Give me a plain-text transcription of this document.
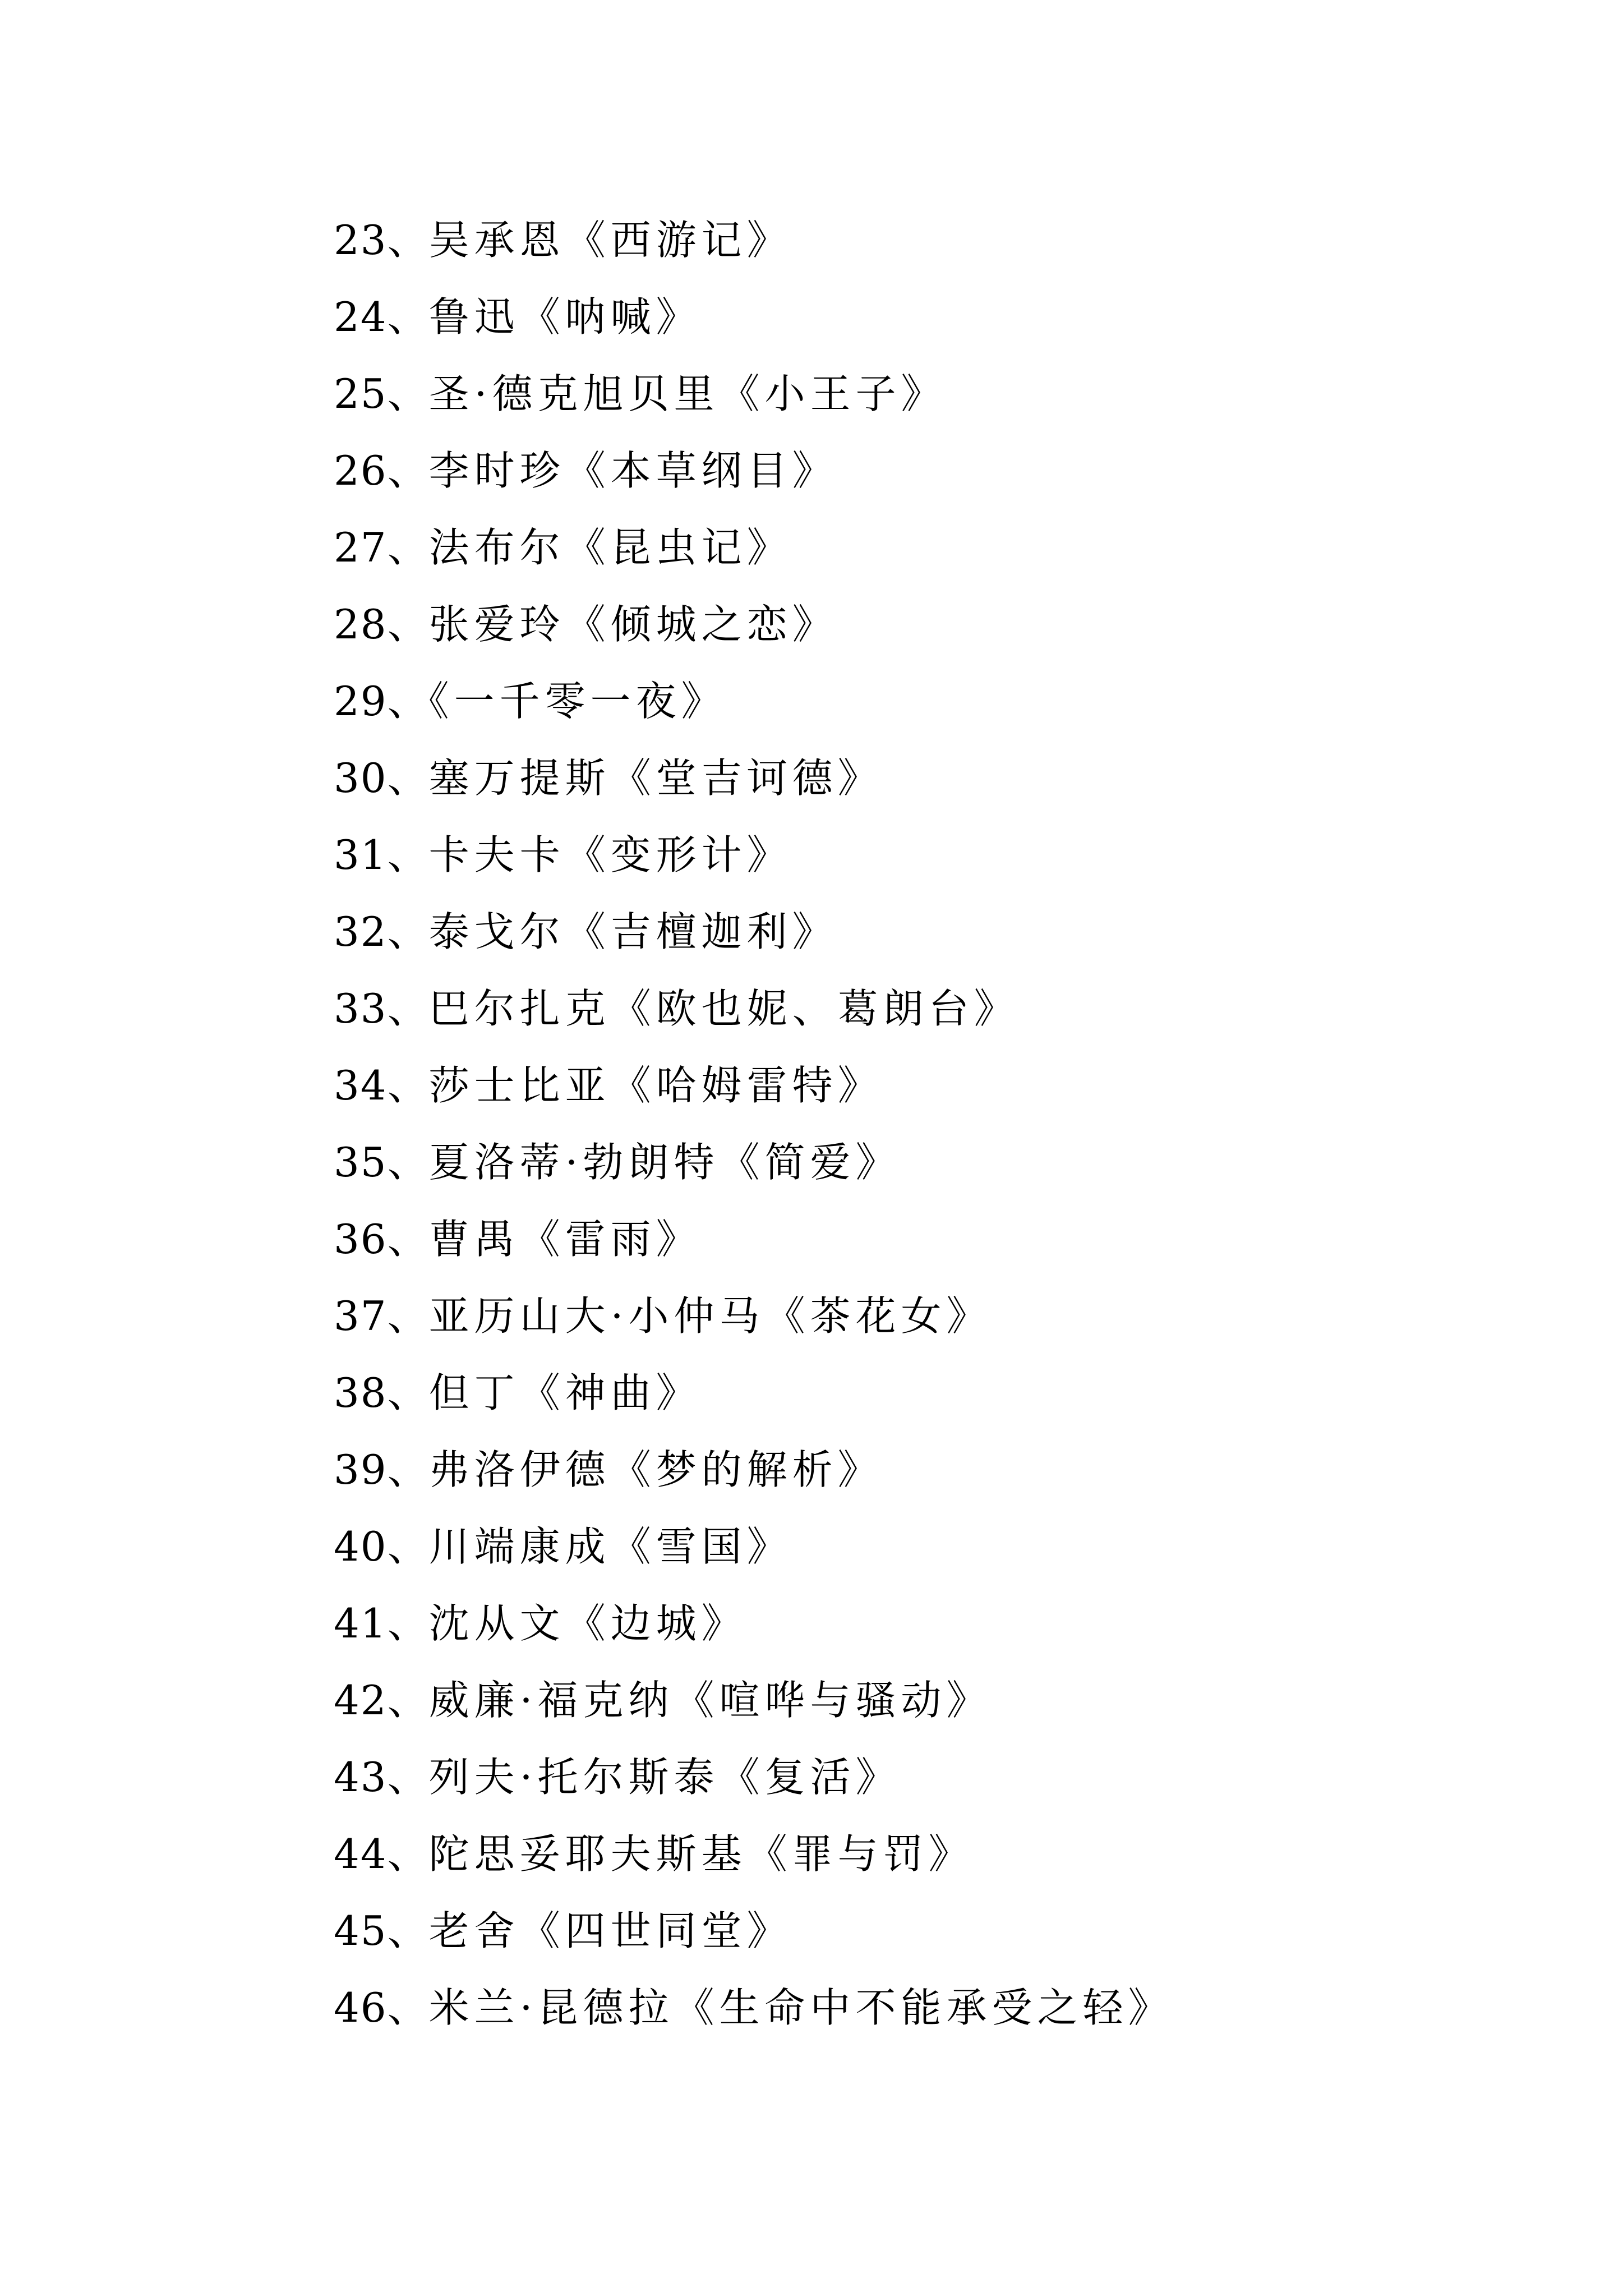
23、吴承恩《西游记》
24、鲁迅《呐喊》
25、圣·德克旭贝里《小王子》
26、李时珍《本草纲目》
27、法布尔《昆虫记》
28、张爱玲《倾城之恋》
29、《一千零一夜》
30、塞万提斯《堂吉诃德》
31、卡夫卡《变形计》
32、泰戈尔《吉檀迦利》
33、巴尔扎克《欧也妮、葛朗台》
34、莎士比亚《哈姆雷特》
35、夏洛蒂·勃朗特《简爱》
36、曹禺《雷雨》
37、亚历山大·小仲马《茶花女》
38、但丁《神曲》
39、弗洛伊德《梦的解析》
40、川端康成《雪国》
41、沈从文《边城》
42、威廉·福克纳《喧哗与骚动》
43、列夫·托尔斯泰《复活》
44、陀思妥耶夫斯基《罪与罚》
45、老舍《四世同堂》
46、米兰·昆德拉《生命中不能承受之轻》
